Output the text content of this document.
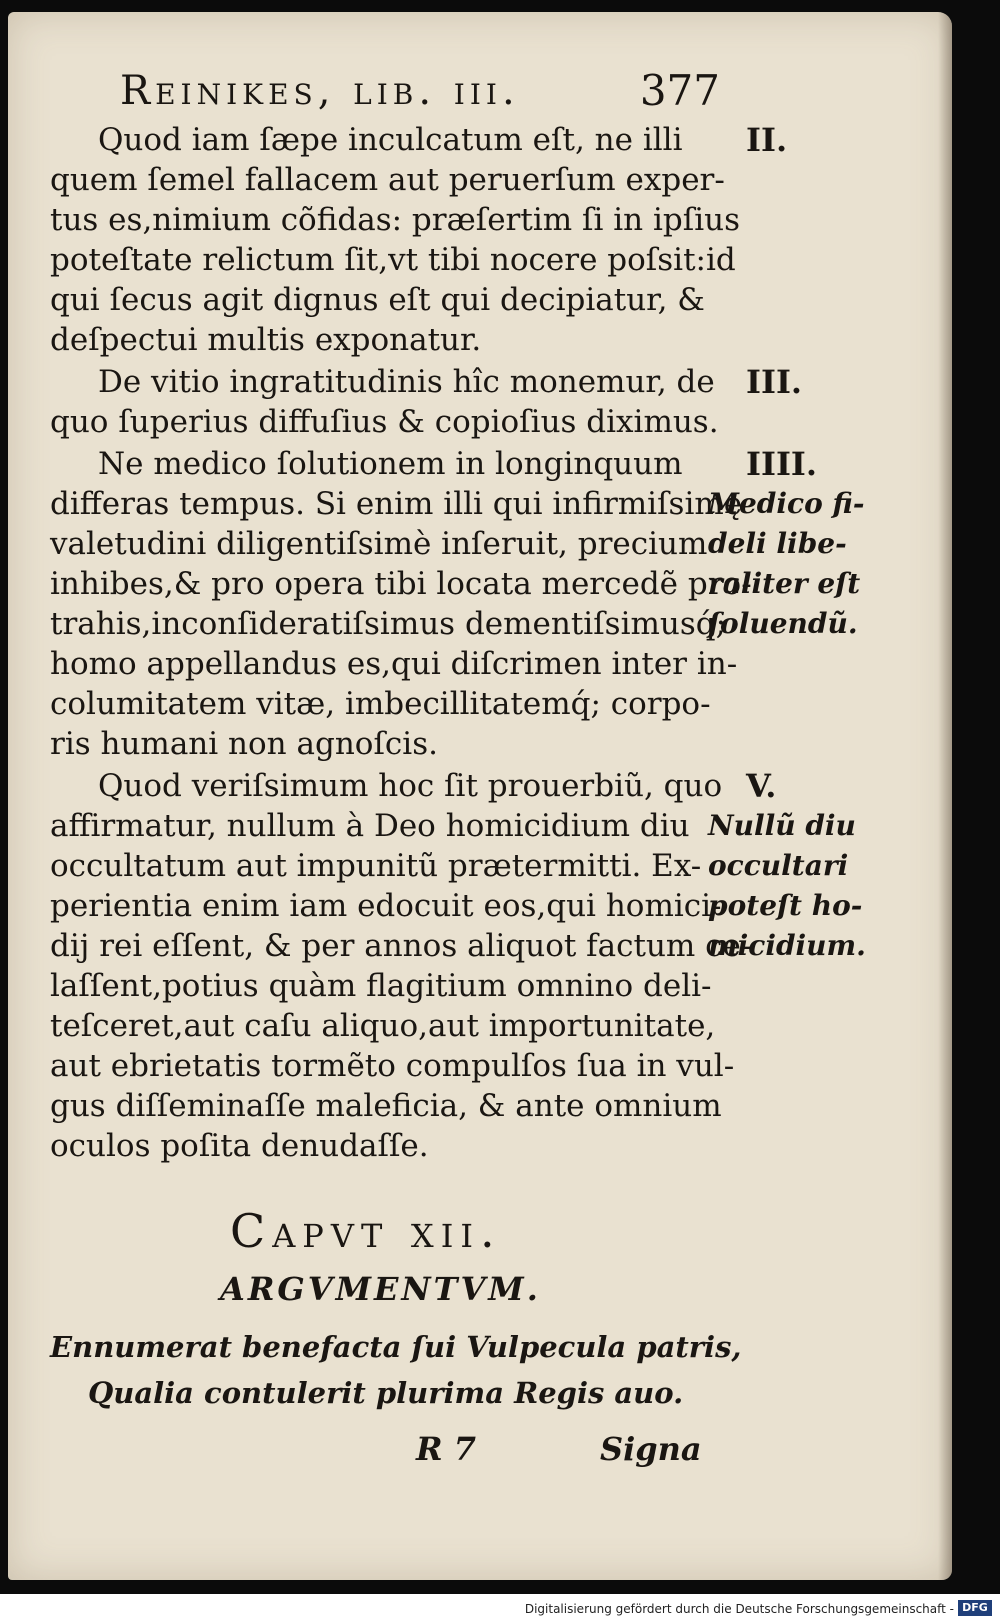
Reinikes, lib. iii.	377

Quod iam ſæpe inculcatum eſt, ne illi
quem ſemel fallacem aut peruerſum exper-
tus es,nimium cõfidas: præſertim ſi in ipſius
poteſtate relictum ſit,vt tibi nocere poſsit:id
qui ſecus agit dignus eſt qui decipiatur, &
deſpectui multis exponatur.

De vitio ingratitudinis hîc monemur, de
quo ſuperius diffuſius & copioſius diximus.

Ne medico ſolutionem in longinquum
differas tempus. Si enim illi qui infirmiſsimę
valetudini diligentiſsimè inſeruit, precium
inhibes,& pro opera tibi locata mercedẽ pro-
trahis,inconſideratiſsimus dementiſsimusq́;
homo appellandus es,qui diſcrimen inter in-
columitatem vitæ, imbecillitatemq́; corpo-
ris humani non agnoſcis.

Quod veriſsimum hoc ſit prouerbiũ, quo
affirmatur, nullum à Deo homicidium diu
occultatum aut impunitũ prætermitti. Ex-
perientia enim iam edocuit eos,qui homici-
dij rei eſſent, & per annos aliquot factum ce-
laſſent,potius quàm flagitium omnino deli-
teſceret,aut caſu aliquo,aut importunitate,
aut ebrietatis tormẽto compulſos ſua in vul-
gus diſſeminaſſe maleficia, & ante omnium
oculos poſita denudaſſe.

II.
III.
IIII.
Medico fi-
deli libe-
raliter eſt
ſoluendũ.
V.
Nullũ diu
occultari
poteſt ho-
micidium.
Capvt xii.
ARGVMENTVM.
Ennumerat benefacta ſui Vulpecula patris,
Qualia contulerit plurima Regis auo.
R 7	Signa
Digitalisierung gefördert durch die Deutsche Forschungsgemeinschaft - DFG
